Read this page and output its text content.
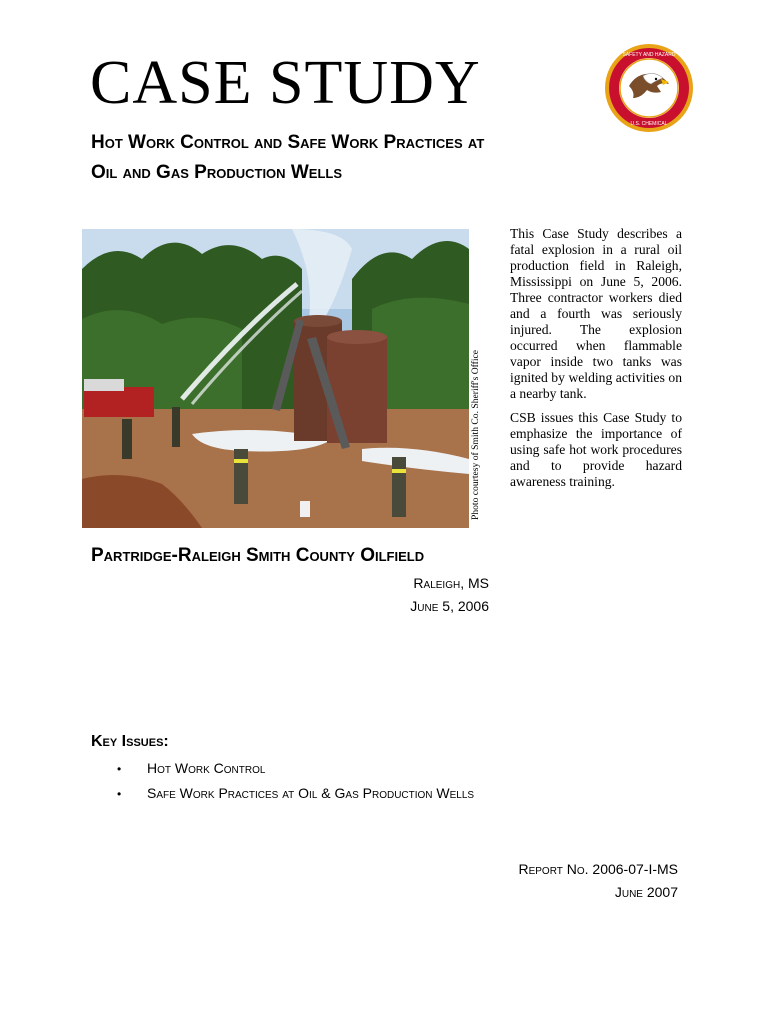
CASE STUDY	SAFETY AND HAZARD
U.S. CHEMICAL
Hot Work Control and Safe Work Practices at Oil and Gas Production Wells
Photo courtesy of Smith Co. Sheriff's Office

This Case Study describes a fatal explosion in a rural oil production field in Raleigh, Mississippi on June 5, 2006. Three contractor workers died and a fourth was seriously injured. The explosion occurred when flammable vapor inside two tanks was ignited by welding activities on a nearby tank.

CSB issues this Case Study to emphasize the importance of using safe hot work procedures and to provide hazard awareness training.

Partridge-Raleigh Smith County Oilfield
Raleigh, MS
June 5, 2006
Key Issues:
• Hot Work Control
• Safe Work Practices at Oil & Gas Production Wells
Report No. 2006-07-I-MS
June 2007
